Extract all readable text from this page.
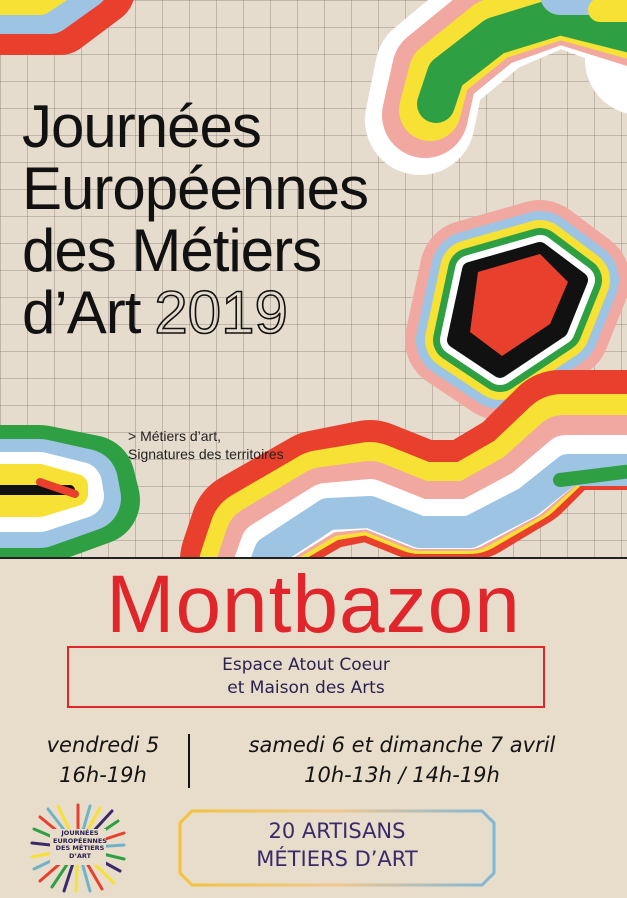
Journées
Européennes
des Métiers
d’Art 2019
> Métiers d’art,
Signatures des territoires
Montbazon
Espace Atout Coeur
et Maison des Arts
vendredi 5
16h-19h
samedi 6 et dimanche 7 avril
10h-13h / 14h-19h
JOURNÉES
EUROPÉENNES
DES MÉTIERS
D’ART
20 ARTISANS
MÉTIERS D’ART
